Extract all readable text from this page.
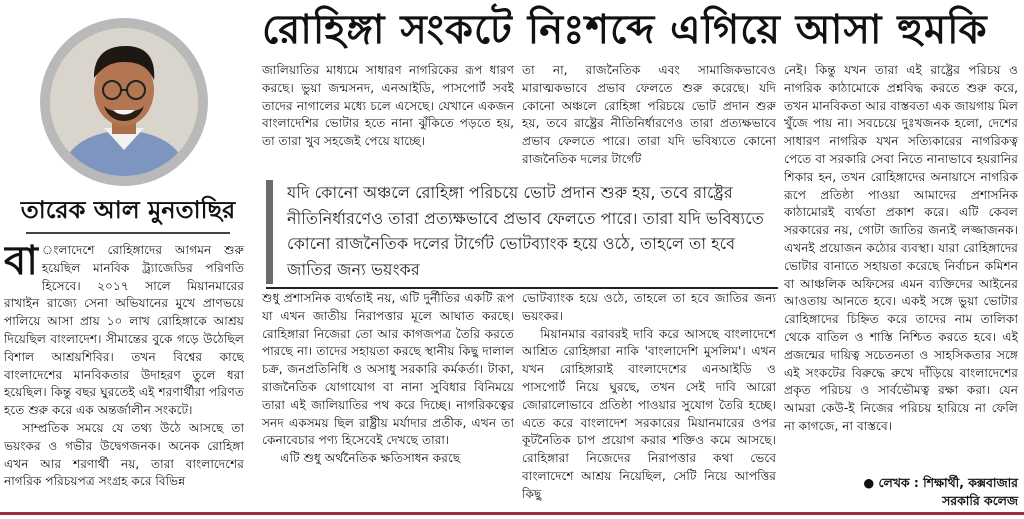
রোহিঙ্গা সংকটে নিঃশব্দে এগিয়ে আসা হুমকি
তারেক আল মুনতাছির

বা ংলাদেশে রোহিঙ্গাদের আগমন শুরু হয়েছিল মানবিক ট্র্যাজেডির পরিণতি হিসেবে। ২০১৭ সালে মিয়ানমারের রাখাইন রাজ্যে সেনা অভিযানের মুখে প্রাণভয়ে পালিয়ে আসা প্রায় ১০ লাখ রোহিঙ্গাকে আশ্রয় দিয়েছিল বাংলাদেশ। সীমান্তের বুকে গড়ে উঠেছিল বিশাল আশ্রয়শিবির। তখন বিশ্বের কাছে বাংলাদেশের মানবিকতার উদাহরণ তুলে ধরা হয়েছিল। কিন্তু বছর ঘুরতেই এই শরণার্থীরা পরিণত হতে শুরু করে এক অন্তর্জালীন সংকটে।

সাম্প্রতিক সময়ে যে তথ্য উঠে আসছে তা ভয়ংকর ও গভীর উদ্বেগজনক। অনেক রোহিঙ্গা এখন আর শরণার্থী নয়, তারা বাংলাদেশের নাগরিক পরিচয়পত্র সংগ্রহ করে বিভিন্ন

জালিয়াতির মাধ্যমে সাধারণ নাগরিকের রূপ ধারণ করছে। ভুয়া জন্মসনদ, এনআইডি, পাসপোর্ট সবই তাদের নাগালের মধ্যে চলে এসেছে। যেখানে একজন বাংলাদেশির ভোটার হতে নানা ঝুঁকিতে পড়তে হয়, তা তারা খুব সহজেই পেয়ে যাচ্ছে।

শুধু প্রশাসনিক ব্যর্থতাই নয়, এটি দুর্নীতির একটি রূপ যা এখন জাতীয় নিরাপত্তার মূলে আঘাত করছে। রোহিঙ্গারা নিজেরা তো আর কাগজপত্র তৈরি করতে পারছে না। তাদের সহায়তা করছে স্থানীয় কিছু দালাল চক্র, জনপ্রতিনিধি ও অসাধু সরকারি কর্মকর্তা। টাকা, রাজনৈতিক যোগাযোগ বা নানা সুবিধার বিনিময়ে তারা এই জালিয়াতির পথ করে দিচ্ছে। নাগরিকত্বের সনদ একসময় ছিল রাষ্ট্রীয় মর্যাদার প্রতীক, এখন তা কেনাবেচার পণ্য হিসেবেই দেখছে তারা।

এটি শুধু অর্থনৈতিক ক্ষতিসাধন করছে

তা না, রাজনৈতিক এবং সামাজিকভাবেও মারাত্মকভাবে প্রভাব ফেলতে শুরু করেছে। যদি কোনো অঞ্চলে রোহিঙ্গা পরিচয়ে ভোট প্রদান শুরু হয়, তবে রাষ্ট্রের নীতিনির্ধারণেও তারা প্রত্যক্ষভাবে প্রভাব ফেলতে পারে। তারা যদি ভবিষ্যতে কোনো রাজনৈতিক দলের টার্গেট

ভোটব্যাংক হয়ে ওঠে, তাহলে তা হবে জাতির জন্য ভয়ংকর।

মিয়ানমার বরাবরই দাবি করে আসছে বাংলাদেশে আশ্রিত রোহিঙ্গারা নাকি 'বাংলাদেশি মুসলিম'। এখন যখন রোহিঙ্গারাই বাংলাদেশের এনআইডি ও পাসপোর্ট নিয়ে ঘুরছে, তখন সেই দাবি আরো জোরালোভাবে প্রতিষ্ঠা পাওয়ার সুযোগ তৈরি হচ্ছে। এতে করে বাংলাদেশ সরকারের মিয়ানমারের ওপর কূটনৈতিক চাপ প্রয়োগ করার শক্তিও কমে আসছে। রোহিঙ্গারা নিজেদের নিরাপত্তার কথা ভেবে বাংলাদেশে আশ্রয় নিয়েছিল, সেটি নিয়ে আপত্তির কিছু

যদি কোনো অঞ্চলে রোহিঙ্গা পরিচয়ে ভোট প্রদান শুরু হয়, তবে রাষ্ট্রের নীতিনির্ধারণেও তারা প্রত্যক্ষভাবে প্রভাব ফেলতে পারে। তারা যদি ভবিষ্যতে কোনো রাজনৈতিক দলের টার্গেট ভোটব্যাংক হয়ে ওঠে, তাহলে তা হবে জাতির জন্য ভয়ংকর

নেই। কিন্তু যখন তারা এই রাষ্ট্রের পরিচয় ও নাগরিক কাঠামোকে প্রশ্নবিদ্ধ করতে শুরু করে, তখন মানবিকতা আর বাস্তবতা এক জায়গায় মিল খুঁজে পায় না। সবচেয়ে দুঃখজনক হলো, দেশের সাধারণ নাগরিক যখন সত্যিকারের নাগরিকত্ব পেতে বা সরকারি সেবা নিতে নানাভাবে হয়রানির শিকার হন, তখন রোহিঙ্গাদের অনায়াসে নাগরিক রূপে প্রতিষ্ঠা পাওয়া আমাদের প্রশাসনিক কাঠামোরই ব্যর্থতা প্রকাশ করে। এটি কেবল সরকারের নয়, গোটা জাতির জন্যই লজ্জাজনক। এখনই প্রয়োজন কঠোর ব্যবস্থা। যারা রোহিঙ্গাদের ভোটার বানাতে সহায়তা করেছে নির্বাচন কমিশন বা আঞ্চলিক অফিসের এমন ব্যক্তিদের আইনের আওতায় আনতে হবে। একই সঙ্গে ভুয়া ভোটার রোহিঙ্গাদের চিহ্নিত করে তাদের নাম তালিকা থেকে বাতিল ও শাস্তি নিশ্চিত করতে হবে। এই প্রজন্মের দায়িত্ব সচেতনতা ও সাহসিকতার সঙ্গে এই সংকটের বিরুদ্ধে রুখে দাঁড়িয়ে বাংলাদেশের প্রকৃত পরিচয় ও সার্বভৌমত্ব রক্ষা করা। যেন আমরা কেউ-ই নিজের পরিচয় হারিয়ে না ফেলি না কাগজে, না বাস্তবে।

● লেখক : শিক্ষার্থী, কক্সবাজার
সরকারি কলেজ
